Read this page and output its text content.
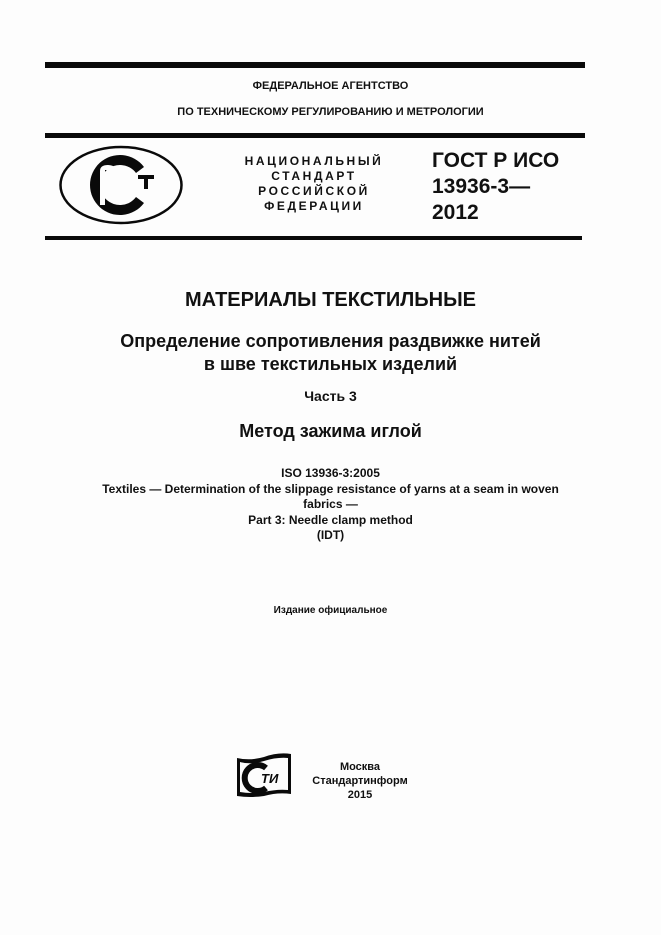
ФЕДЕРАЛЬНОЕ АГЕНТСТВО
ПО ТЕХНИЧЕСКОМУ РЕГУЛИРОВАНИЮ И МЕТРОЛОГИИ
НАЦИОНАЛЬНЫЙ
СТАНДАРТ
РОССИЙСКОЙ
ФЕДЕРАЦИИ
ГОСТ Р ИСО
13936-3—
2012
МАТЕРИАЛЫ ТЕКСТИЛЬНЫЕ
Определение сопротивления раздвижке нитей
в шве текстильных изделий
Часть 3
Метод зажима иглой
ISO 13936-3:2005
Textiles — Determination of the slippage resistance of yarns at a seam in woven
fabrics —
Part 3: Needle clamp method
(IDT)
Издание официальное
ТИ
Москва
Стандартинформ
2015
